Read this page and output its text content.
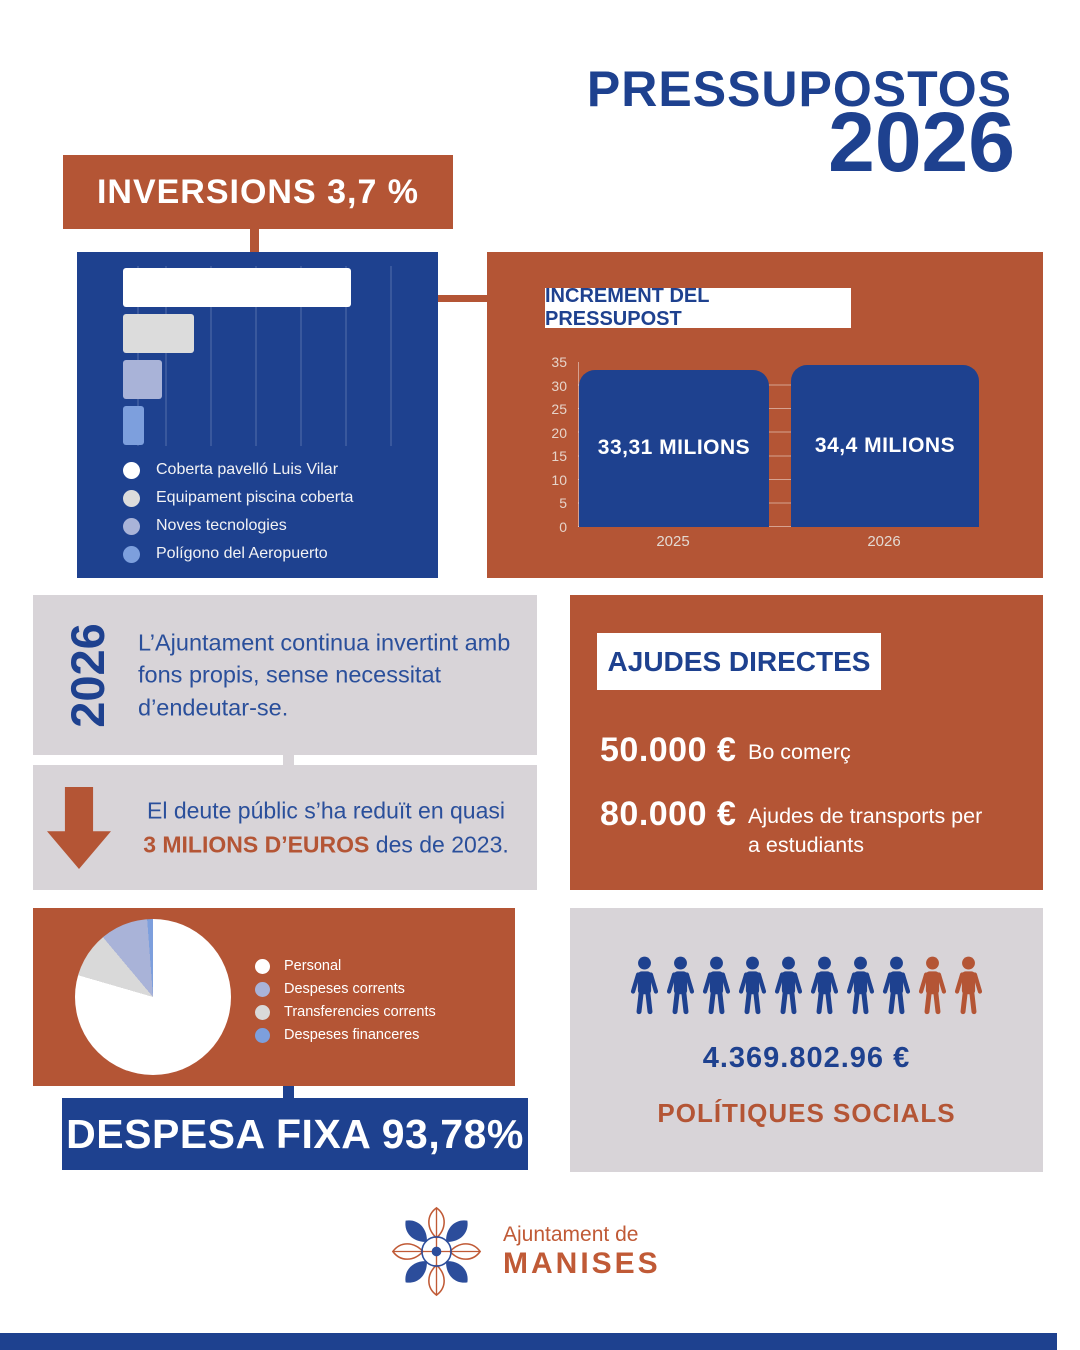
PRESSUPOSTOS
2026
INVERSIONS 3,7 %
Coberta pavelló Luis Vilar
Equipament piscina coberta
Noves tecnologies
Polígono del Aeropuerto
INCREMENT DEL PRESSUPOST
35
30
25
20
15
10
5
0
33,31 MILIONS	34,4 MILIONS
2025	2026
2026 L’Ajuntament continua invertint amb fons propis, sense necessitat d’endeutar-se.

El deute públic s’ha reduït en quasi
3 MILIONS D’EUROS des de 2023.

AJUDES DIRECTES
50.000 € Bo comerç
80.000 € Ajudes de transports per a estudiants
Personal
Despeses corrents
Transferencies corrents
Despeses financeres
DESPESA FIXA 93,78%
4.369.802.96 €
POLÍTIQUES SOCIALS
Ajuntament de
MANISES
